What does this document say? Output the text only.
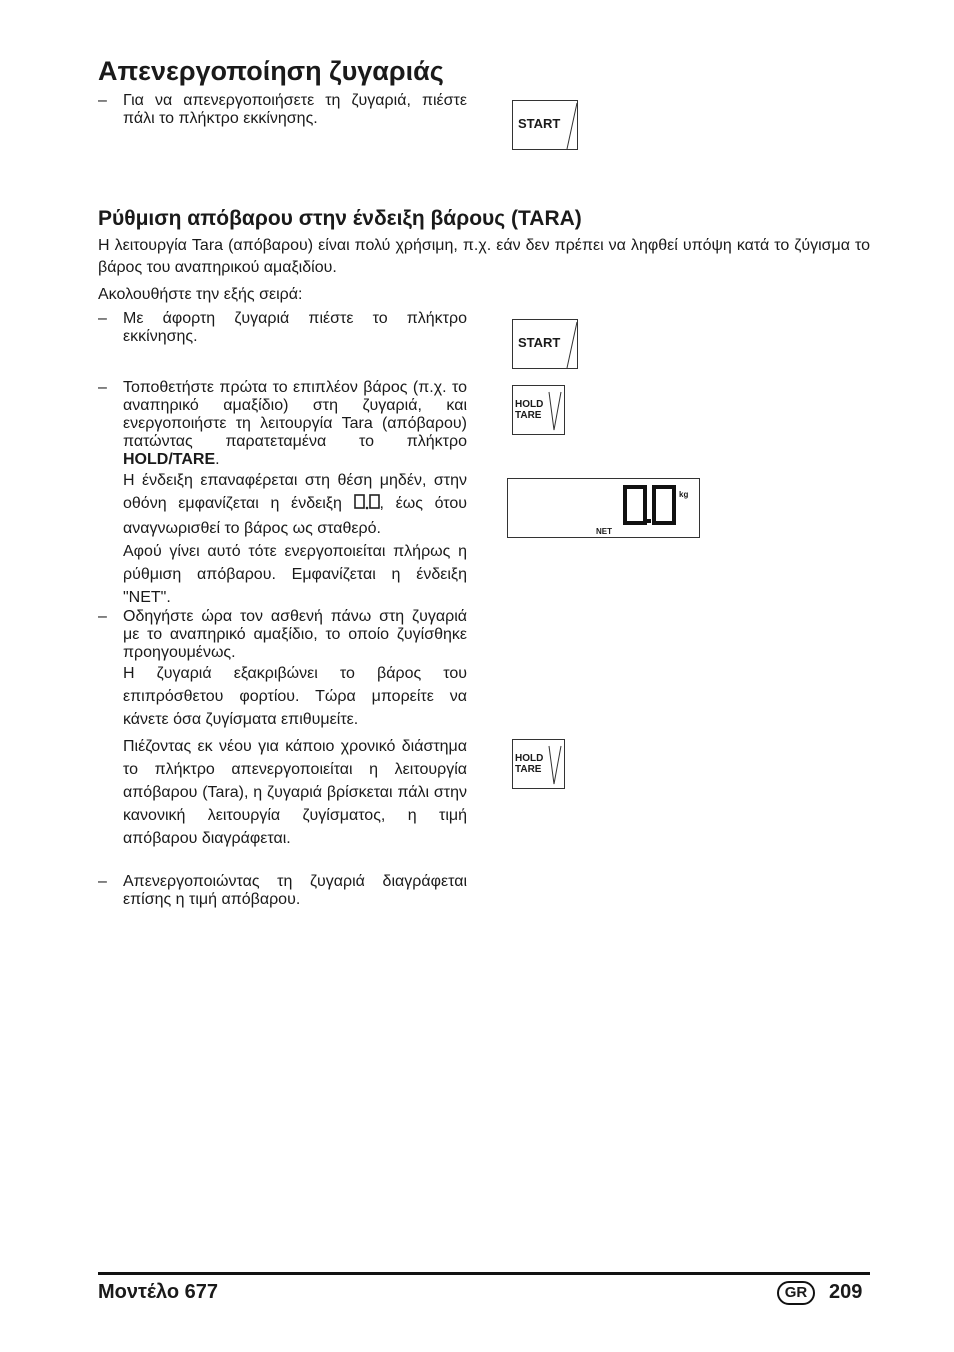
Απενεργοποίηση ζυγαριάς
– Για να απενεργοποιήσετε τη ζυγαριά, πιέστε πάλι το πλήκτρο εκκίνησης.	START
Ρύθμιση απόβαρου στην ένδειξη βάρους (TARA)
Η λειτουργία Tara (απόβαρου) είναι πολύ χρήσιμη, π.χ. εάν δεν πρέπει να ληφθεί υπόψη κατά το ζύγισμα το βάρος του αναπηρικού αμαξιδίου.
Ακολουθήστε την εξής σειρά:
– Με άφορτη ζυγαριά πιέστε το πλήκτρο εκκίνησης.	START
– Τοποθετήστε πρώτα το επιπλέον βάρος (π.χ. το αναπηρικό αμαξίδιο) στη ζυγαριά, και ενεργοποιήστε τη λειτουργία Tara (απόβαρου) πατώντας παρατεταμένα το πλήκτρο HOLD/TARE.
Η ένδειξη επαναφέρεται στη θέση μηδέν, στην οθόνη εμφανίζεται η ένδειξη , έως ότου αναγνωρισθεί το βάρος ως σταθερό.
Αφού γίνει αυτό τότε ενεργοποιείται πλήρως η ρύθμιση απόβαρου. Εμφανίζεται η ένδειξη "NET".
HOLD
TARE
kg
NET
– Οδηγήστε ώρα τον ασθενή πάνω στη ζυγαριά με το αναπηρικό αμαξίδιο, το οποίο ζυγίσθηκε προηγουμένως.
Η ζυγαριά εξακριβώνει το βάρος του επιπρόσθετου φορτίου. Τώρα μπορείτε να κάνετε όσα ζυγίσματα επιθυμείτε.
Πιέζοντας εκ νέου για κάποιο χρονικό διάστημα το πλήκτρο απενεργοποιείται η λειτουργία απόβαρου (Tara), η ζυγαριά βρίσκεται πάλι στην κανονική λειτουργία ζυγίσματος, η τιμή απόβαρου διαγράφεται.
HOLD
TARE
– Απενεργοποιώντας τη ζυγαριά διαγράφεται επίσης η τιμή απόβαρου.
Μοντέλο 677	GR	209
